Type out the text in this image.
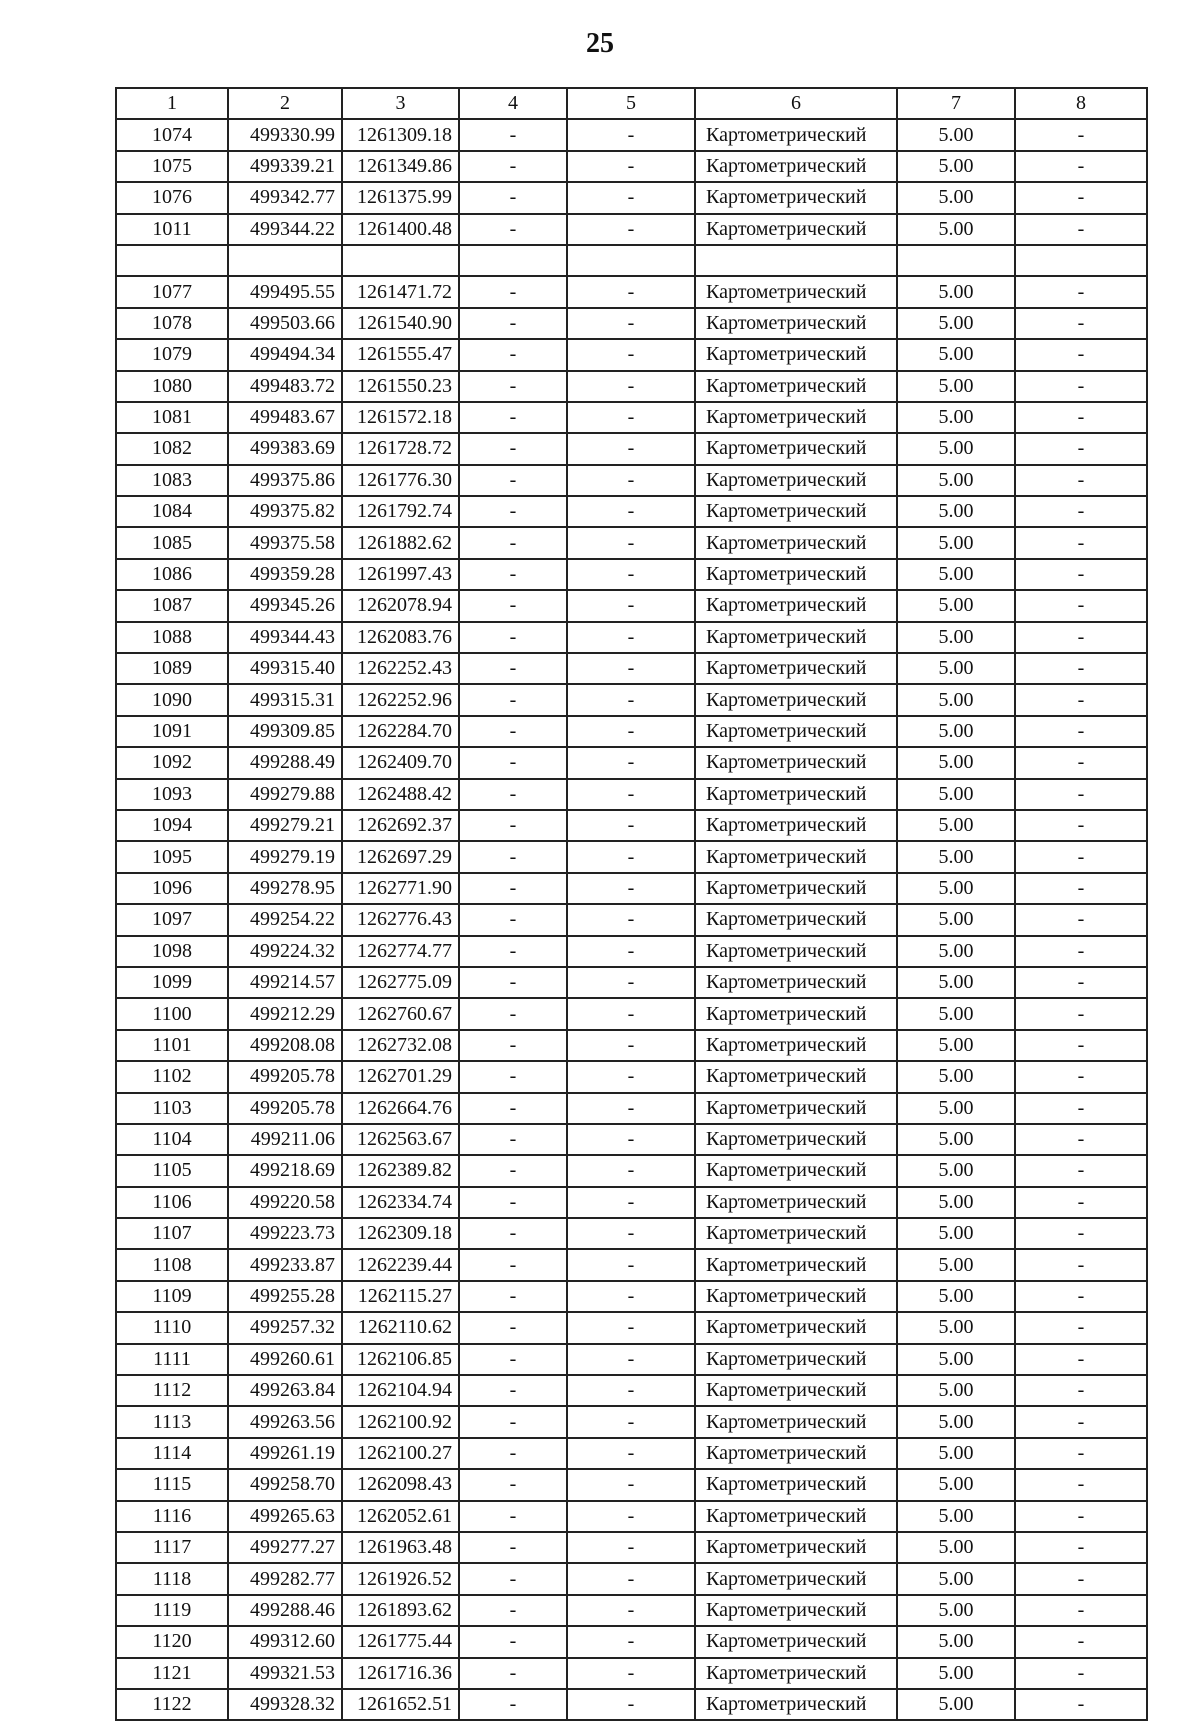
25
1	2	3	4	5	6	7	8
1074	499330.99	1261309.18	-	-	Картометрический	5.00	-
1075	499339.21	1261349.86	-	-	Картометрический	5.00	-
1076	499342.77	1261375.99	-	-	Картометрический	5.00	-
1011	499344.22	1261400.48	-	-	Картометрический	5.00	-

1077	499495.55	1261471.72	-	-	Картометрический	5.00	-
1078	499503.66	1261540.90	-	-	Картометрический	5.00	-
1079	499494.34	1261555.47	-	-	Картометрический	5.00	-
1080	499483.72	1261550.23	-	-	Картометрический	5.00	-
1081	499483.67	1261572.18	-	-	Картометрический	5.00	-
1082	499383.69	1261728.72	-	-	Картометрический	5.00	-
1083	499375.86	1261776.30	-	-	Картометрический	5.00	-
1084	499375.82	1261792.74	-	-	Картометрический	5.00	-
1085	499375.58	1261882.62	-	-	Картометрический	5.00	-
1086	499359.28	1261997.43	-	-	Картометрический	5.00	-
1087	499345.26	1262078.94	-	-	Картометрический	5.00	-
1088	499344.43	1262083.76	-	-	Картометрический	5.00	-
1089	499315.40	1262252.43	-	-	Картометрический	5.00	-
1090	499315.31	1262252.96	-	-	Картометрический	5.00	-
1091	499309.85	1262284.70	-	-	Картометрический	5.00	-
1092	499288.49	1262409.70	-	-	Картометрический	5.00	-
1093	499279.88	1262488.42	-	-	Картометрический	5.00	-
1094	499279.21	1262692.37	-	-	Картометрический	5.00	-
1095	499279.19	1262697.29	-	-	Картометрический	5.00	-
1096	499278.95	1262771.90	-	-	Картометрический	5.00	-
1097	499254.22	1262776.43	-	-	Картометрический	5.00	-
1098	499224.32	1262774.77	-	-	Картометрический	5.00	-
1099	499214.57	1262775.09	-	-	Картометрический	5.00	-
1100	499212.29	1262760.67	-	-	Картометрический	5.00	-
1101	499208.08	1262732.08	-	-	Картометрический	5.00	-
1102	499205.78	1262701.29	-	-	Картометрический	5.00	-
1103	499205.78	1262664.76	-	-	Картометрический	5.00	-
1104	499211.06	1262563.67	-	-	Картометрический	5.00	-
1105	499218.69	1262389.82	-	-	Картометрический	5.00	-
1106	499220.58	1262334.74	-	-	Картометрический	5.00	-
1107	499223.73	1262309.18	-	-	Картометрический	5.00	-
1108	499233.87	1262239.44	-	-	Картометрический	5.00	-
1109	499255.28	1262115.27	-	-	Картометрический	5.00	-
1110	499257.32	1262110.62	-	-	Картометрический	5.00	-
1111	499260.61	1262106.85	-	-	Картометрический	5.00	-
1112	499263.84	1262104.94	-	-	Картометрический	5.00	-
1113	499263.56	1262100.92	-	-	Картометрический	5.00	-
1114	499261.19	1262100.27	-	-	Картометрический	5.00	-
1115	499258.70	1262098.43	-	-	Картометрический	5.00	-
1116	499265.63	1262052.61	-	-	Картометрический	5.00	-
1117	499277.27	1261963.48	-	-	Картометрический	5.00	-
1118	499282.77	1261926.52	-	-	Картометрический	5.00	-
1119	499288.46	1261893.62	-	-	Картометрический	5.00	-
1120	499312.60	1261775.44	-	-	Картометрический	5.00	-
1121	499321.53	1261716.36	-	-	Картометрический	5.00	-
1122	499328.32	1261652.51	-	-	Картометрический	5.00	-
